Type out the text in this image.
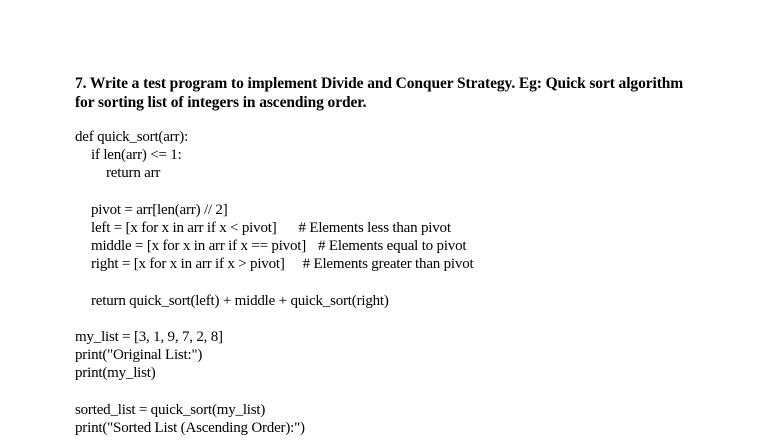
7. Write a test program to implement Divide and Conquer Strategy. Eg: Quick sort algorithm
for sorting list of integers in ascending order.
def quick_sort(arr):
if len(arr) <= 1:
return arr
pivot = arr[len(arr) // 2]
left = [x for x in arr if x < pivot] # Elements less than pivot
middle = [x for x in arr if x == pivot] # Elements equal to pivot
right = [x for x in arr if x > pivot] # Elements greater than pivot
return quick_sort(left) + middle + quick_sort(right)
my_list = [3, 1, 9, 7, 2, 8]
print("Original List:")
print(my_list)
sorted_list = quick_sort(my_list)
print("Sorted List (Ascending Order):")
